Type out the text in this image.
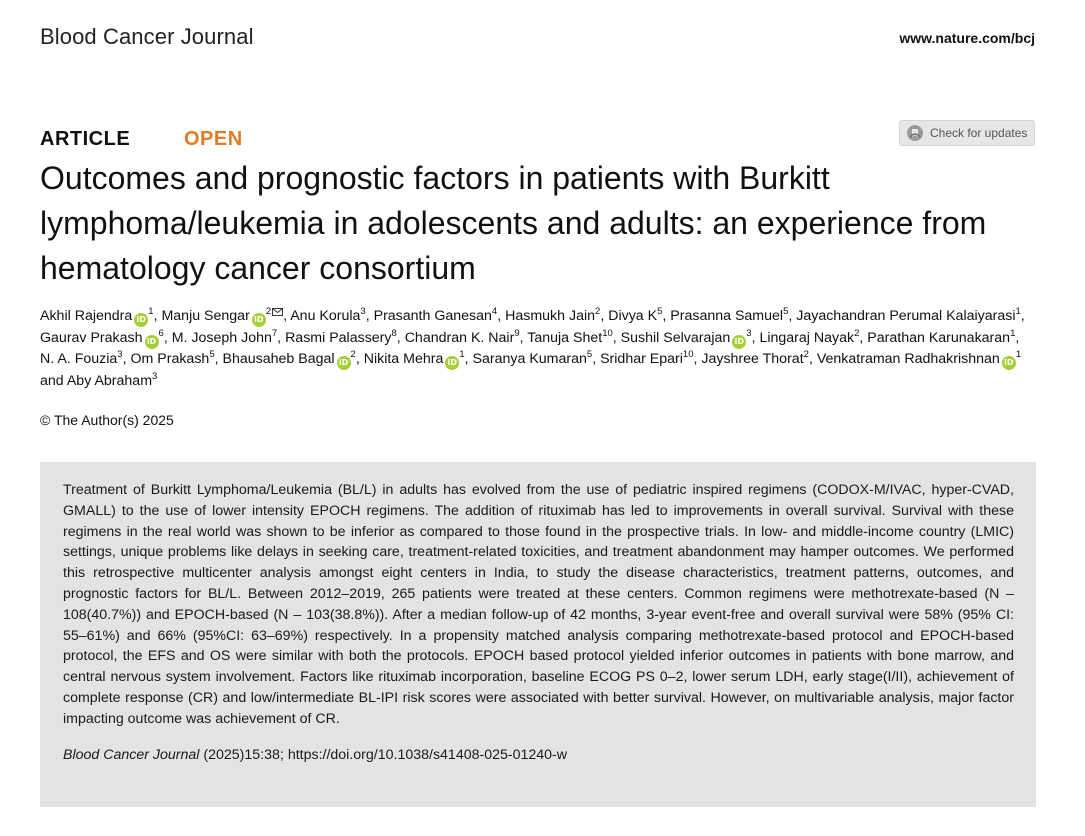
Blood Cancer Journal	www.nature.com/bcj
ARTICLE	OPEN	Check for updates
Outcomes and prognostic factors in patients with Burkitt lymphoma/leukemia in adolescents and adults: an experience from hematology cancer consortium
Akhil Rajendra $iD^1$, Manju Sengar $iD^2$ , Anu Korula$^3$, Prasanth Ganesan$^4$, Hasmukh Jain$^2$, Divya $K^5$, Prasanna Samuel$^5$, Jayachandran Perumal Kalaiyarasi$^1$, Gaurav Prakash $iD^6$, M. Joseph John$^7$, Rasmi Palassery$^8$, Chandran K. Nair$^9$, Tanuja Shet$^{10}$, Sushil Selvarajan $iD^3$, Lingaraj Nayak$^2$, Parathan Karunakaran$^1$, N. A. Fouzia$^3$, Om Prakash$^5$, Bhausaheb Bagal $iD^2$, Nikita Mehra $iD^1$, Saranya Kumaran$^5$, Sridhar Epari$^{10}$, Jayshree Thorat$^2$, Venkatraman Radhakrishnan $iD^1$ and Aby Abraham$^3$
© The Author(s) 2025

Treatment of Burkitt Lymphoma/Leukemia (BL/L) in adults has evolved from the use of pediatric inspired regimens (CODOX-M/IVAC, hyper-CVAD, GMALL) to the use of lower intensity EPOCH regimens. The addition of rituximab has led to improvements in overall survival. Survival with these regimens in the real world was shown to be inferior as compared to those found in the prospective trials. In low- and middle-income country (LMIC) settings, unique problems like delays in seeking care, treatment-related toxicities, and treatment abandonment may hamper outcomes. We performed this retrospective multicenter analysis amongst eight centers in India, to study the disease characteristics, treatment patterns, outcomes, and prognostic factors for BL/L. Between 2012–2019, 265 patients were treated at these centers. Common regimens were methotrexate-based (N – 108(40.7%)) and EPOCH-based (N – 103(38.8%)). After a median follow-up of 42 months, 3-year event-free and overall survival were 58% (95% CI: 55–61%) and 66% (95%CI: 63–69%) respectively. In a propensity matched analysis comparing methotrexate-based protocol and EPOCH-based protocol, the EFS and OS were similar with both the protocols. EPOCH based protocol yielded inferior outcomes in patients with bone marrow, and central nervous system involvement. Factors like rituximab incorporation, baseline ECOG PS 0–2, lower serum LDH, early stage(I/II), achievement of complete response (CR) and low/intermediate BL-IPI risk scores were associated with better survival. However, on multivariable analysis, major factor impacting outcome was achievement of CR.

Blood Cancer Journal (2025)15:38; https://doi.org/10.1038/s41408-025-01240-w
